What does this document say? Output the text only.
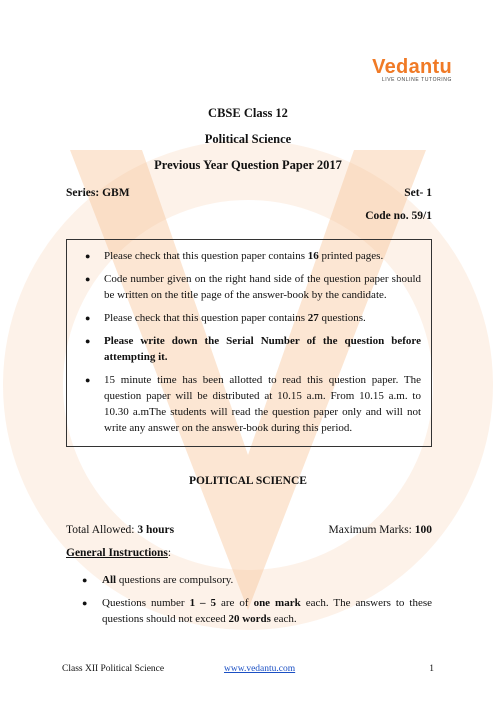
Vedantu
LIVE ONLINE TUTORING
CBSE Class 12
Political Science
Previous Year Question Paper 2017
Series: GBM	Set- 1
Code no. 59/1
● Please check that this question paper contains 16 printed pages.
● Code number given on the right hand side of the question paper should be written on the title page of the answer-book by the candidate.
● Please check that this question paper contains 27 questions.
● Please write down the Serial Number of the question before attempting it.
● 15 minute time has been allotted to read this question paper. The question paper will be distributed at 10.15 a.m. From 10.15 a.m. to 10.30 a.mThe students will read the question paper only and will not write any answer on the answer-book during this period.
POLITICAL SCIENCE
Total Allowed: 3 hours	Maximum Marks: 100
General Instructions:
● All questions are compulsory.
● Questions number 1 – 5 are of one mark each. The answers to these questions should not exceed 20 words each.
Class XII Political Science	www.vedantu.com	1
